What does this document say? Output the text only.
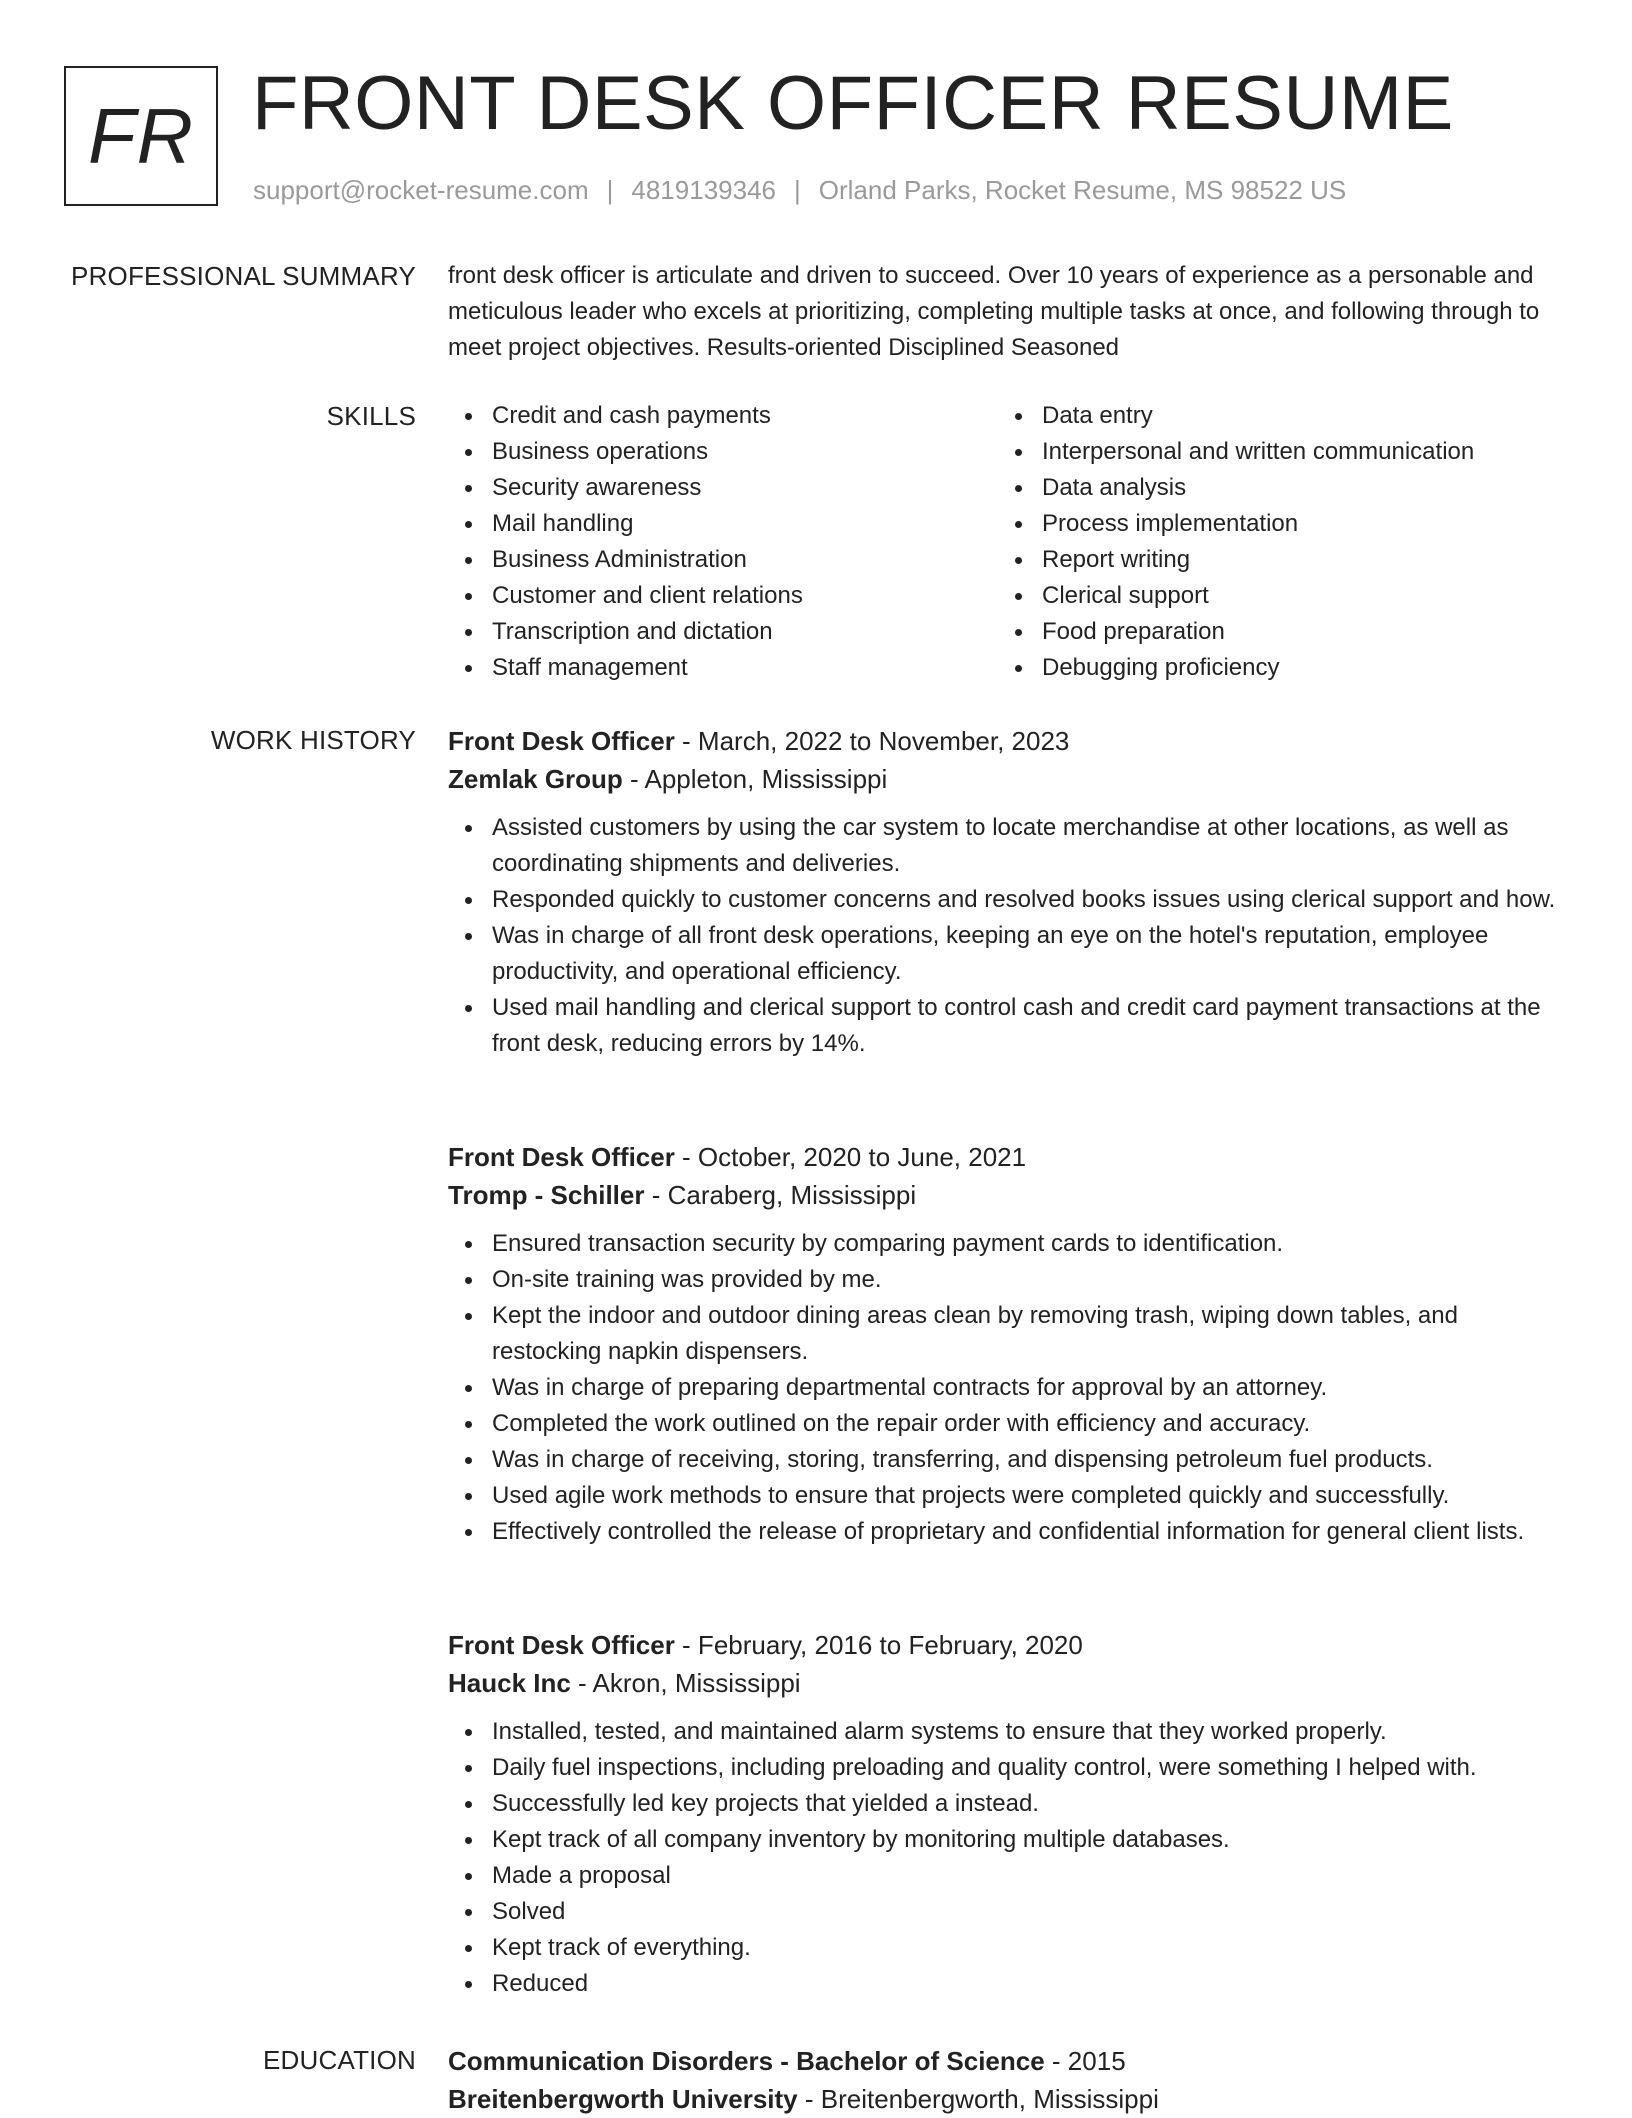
FR FRONT DESK OFFICER RESUME
support@rocket-resume.com | 4819139346 | Orland Parks, Rocket Resume, MS 98522 US
PROFESSIONAL SUMMARY front desk officer is articulate and driven to succeed. Over 10 years of experience as a personable and meticulous leader who excels at prioritizing, completing multiple tasks at once, and following through to meet project objectives. Results-oriented Disciplined Seasoned

SKILLS	Credit and cash payments
Business operations
Security awareness
Mail handling
Business Administration
Customer and client relations
Transcription and dictation
Staff management
Data entry
Interpersonal and written communication
Data analysis
Process implementation
Report writing
Clerical support
Food preparation
Debugging proficiency
WORK HISTORY Front Desk Officer - March, 2022 to November, 2023
Zemlak Group - Appleton, Mississippi
Assisted customers by using the car system to locate merchandise at other locations, as well as coordinating shipments and deliveries.
Responded quickly to customer concerns and resolved books issues using clerical support and how.
Was in charge of all front desk operations, keeping an eye on the hotel's reputation, employee productivity, and operational efficiency.
Used mail handling and clerical support to control cash and credit card payment transactions at the front desk, reducing errors by 14%.
Front Desk Officer - October, 2020 to June, 2021
Tromp - Schiller - Caraberg, Mississippi
Ensured transaction security by comparing payment cards to identification.
On-site training was provided by me.
Kept the indoor and outdoor dining areas clean by removing trash, wiping down tables, and restocking napkin dispensers.
Was in charge of preparing departmental contracts for approval by an attorney.
Completed the work outlined on the repair order with efficiency and accuracy.
Was in charge of receiving, storing, transferring, and dispensing petroleum fuel products.
Used agile work methods to ensure that projects were completed quickly and successfully.
Effectively controlled the release of proprietary and confidential information for general client lists.
Front Desk Officer - February, 2016 to February, 2020
Hauck Inc - Akron, Mississippi
Installed, tested, and maintained alarm systems to ensure that they worked properly.
Daily fuel inspections, including preloading and quality control, were something I helped with.
Successfully led key projects that yielded a instead.
Kept track of all company inventory by monitoring multiple databases.
Made a proposal
Solved
Kept track of everything.
Reduced
EDUCATION Communication Disorders - Bachelor of Science - 2015
Breitenbergworth University - Breitenbergworth, Mississippi
